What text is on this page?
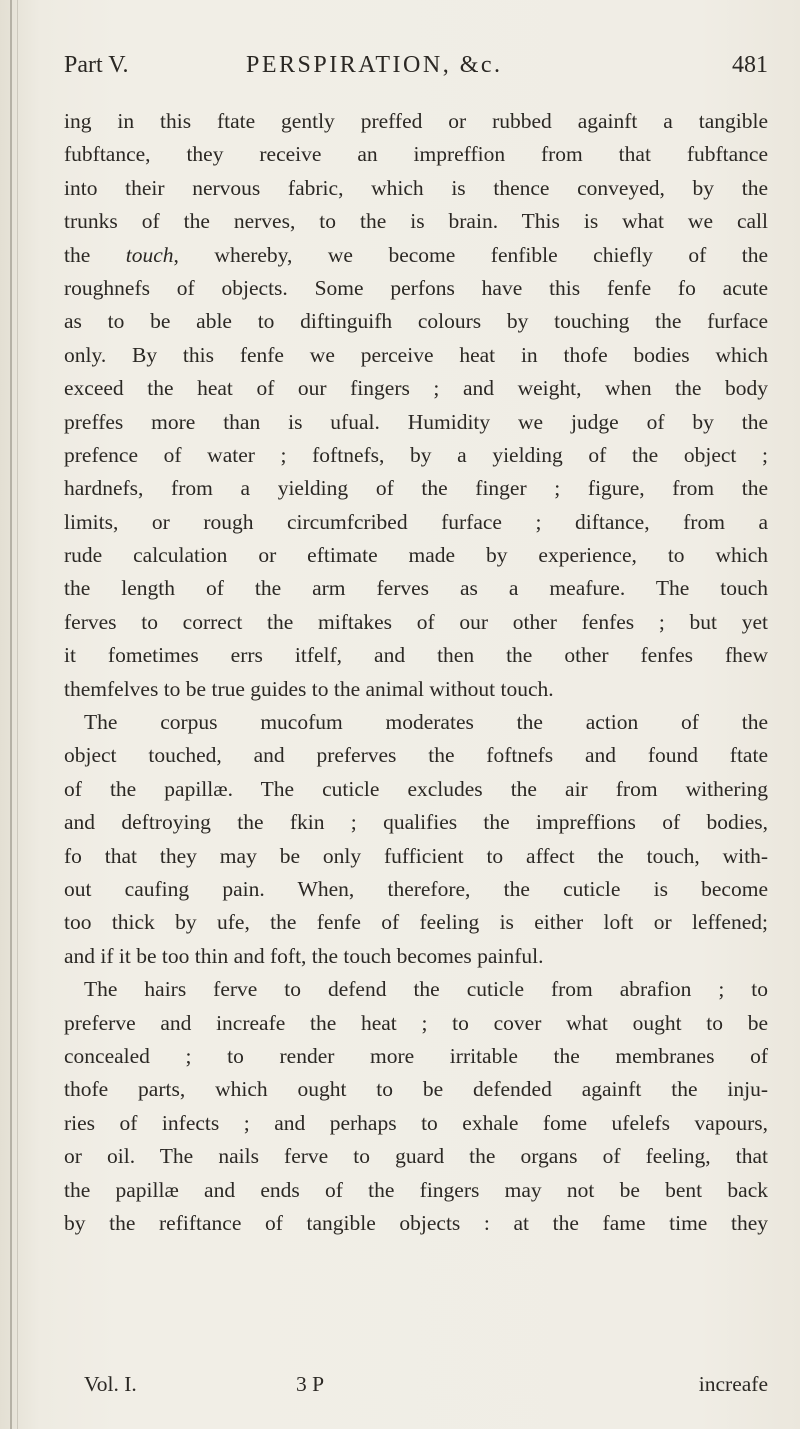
Part V.	PERSPIRATION, &c.	481
ing in this ftate gently preffed or rubbed againft a tangible
fubftance, they receive an impreffion from that fubftance
into their nervous fabric, which is thence conveyed, by the
trunks of the nerves, to the is brain. This is what we call
the touch, whereby, we become fenfible chiefly of the
roughnefs of objects. Some perfons have this fenfe fo acute
as to be able to diftinguifh colours by touching the furface
only. By this fenfe we perceive heat in thofe bodies which
exceed the heat of our fingers ; and weight, when the body
preffes more than is ufual. Humidity we judge of by the
prefence of water ; foftnefs, by a yielding of the object ;
hardnefs, from a yielding of the finger ; figure, from the
limits, or rough circumfcribed furface ; diftance, from a
rude calculation or eftimate made by experience, to which
the length of the arm ferves as a meafure. The touch
ferves to correct the miftakes of our other fenfes ; but yet
it fometimes errs itfelf, and then the other fenfes fhew
themfelves to be true guides to the animal without touch.
The corpus mucofum moderates the action of the
object touched, and preferves the foftnefs and found ftate
of the papillæ. The cuticle excludes the air from withering
and deftroying the fkin ; qualifies the impreffions of bodies,
fo that they may be only fufficient to affect the touch, with-
out caufing pain. When, therefore, the cuticle is become
too thick by ufe, the fenfe of feeling is either loft or leffened;
and if it be too thin and foft, the touch becomes painful.
The hairs ferve to defend the cuticle from abrafion ; to
preferve and increafe the heat ; to cover what ought to be
concealed ; to render more irritable the membranes of
thofe parts, which ought to be defended againft the inju-
ries of infects ; and perhaps to exhale fome ufelefs vapours,
or oil. The nails ferve to guard the organs of feeling, that
the papillæ and ends of the fingers may not be bent back
by the refiftance of tangible objects : at the fame time they
Vol. I.	3 P	increafe
